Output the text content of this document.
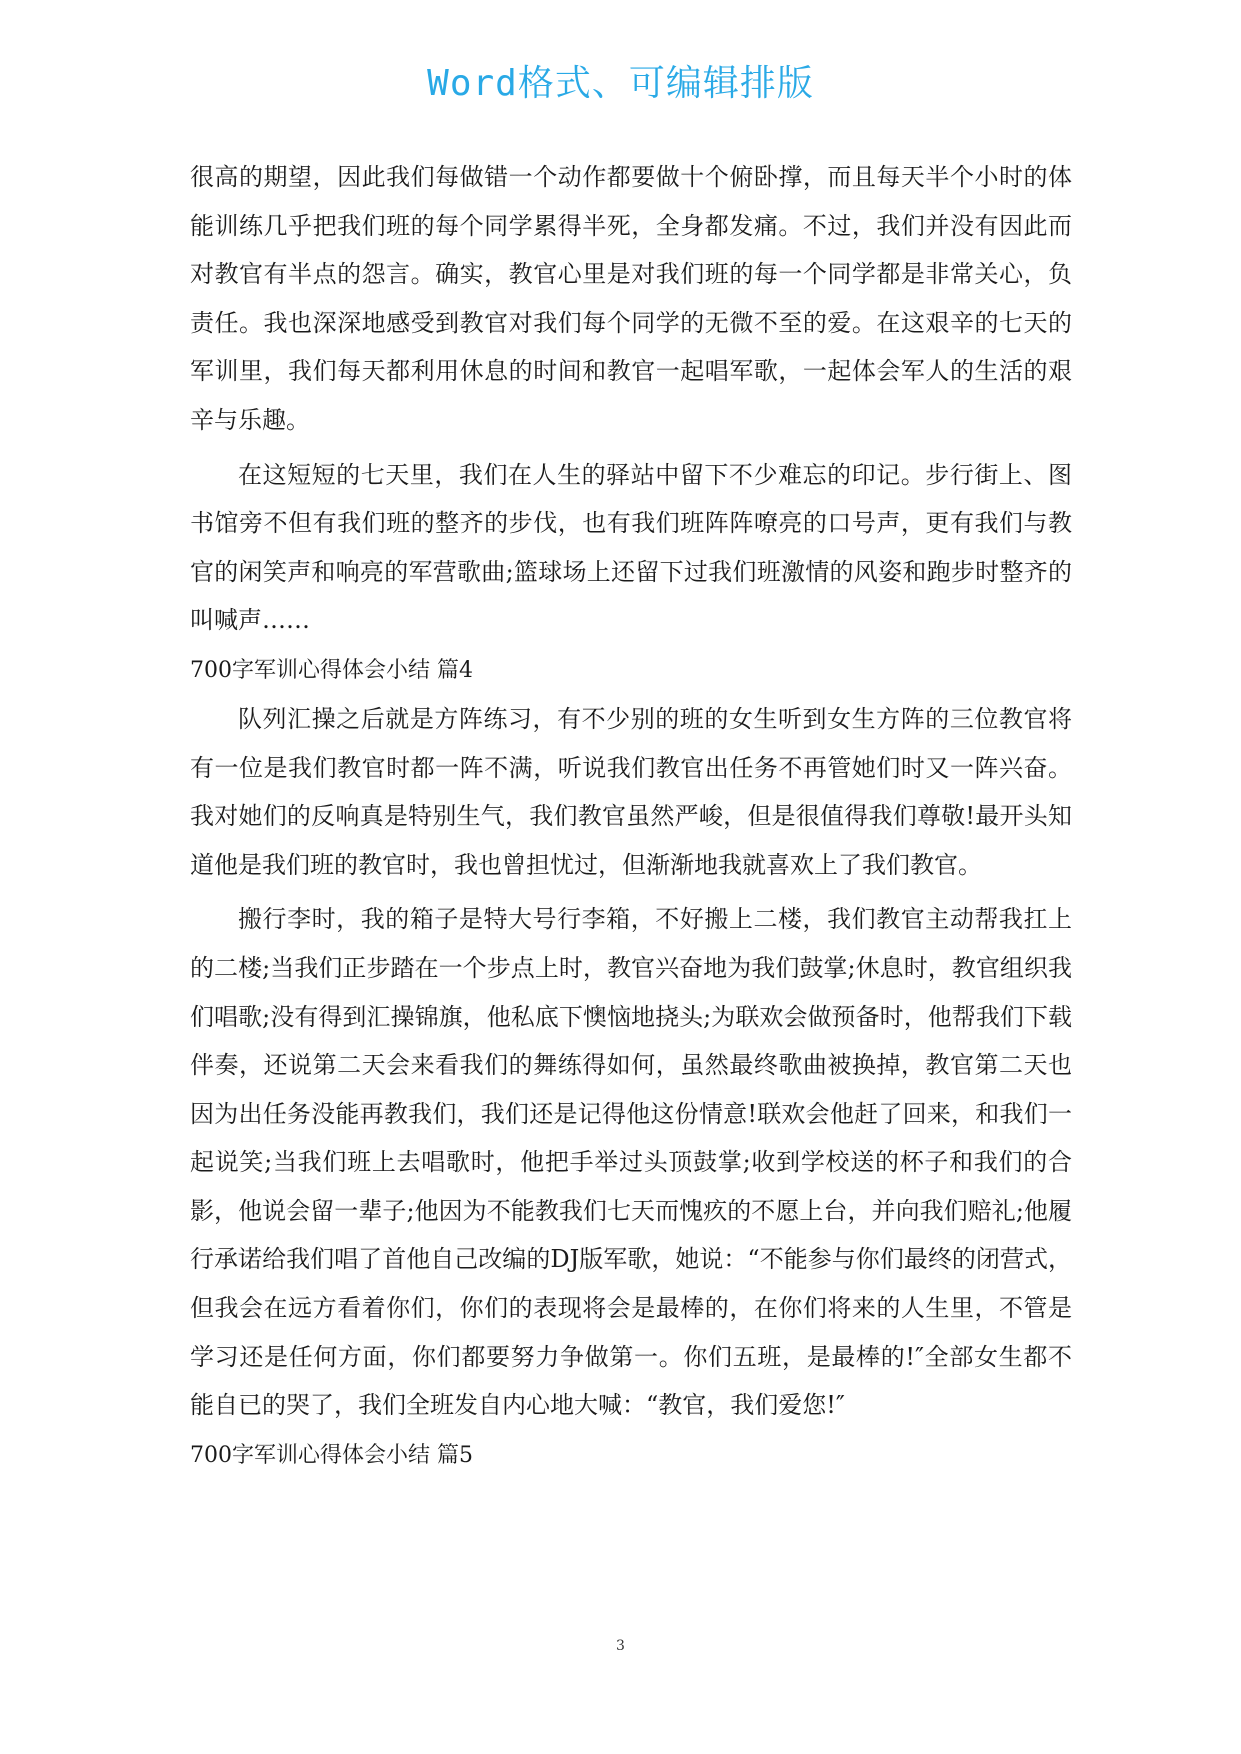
Word格式、可编辑排版

很高的期望，因此我们每做错一个动作都要做十个俯卧撑，而且每天半个小时的体能训练几乎把我们班的每个同学累得半死，全身都发痛。不过，我们并没有因此而对教官有半点的怨言。确实，教官心里是对我们班的每一个同学都是非常关心，负责任。我也深深地感受到教官对我们每个同学的无微不至的爱。在这艰辛的七天的军训里，我们每天都利用休息的时间和教官一起唱军歌，一起体会军人的生活的艰辛与乐趣。

在这短短的七天里，我们在人生的驿站中留下不少难忘的印记。步行街上、图书馆旁不但有我们班的整齐的步伐，也有我们班阵阵嘹亮的口号声，更有我们与教官的闲笑声和响亮的军营歌曲;篮球场上还留下过我们班激情的风姿和跑步时整齐的叫喊声……

700字军训心得体会小结 篇4

队列汇操之后就是方阵练习，有不少别的班的女生听到女生方阵的三位教官将有一位是我们教官时都一阵不满，听说我们教官出任务不再管她们时又一阵兴奋。我对她们的反响真是特别生气，我们教官虽然严峻，但是很值得我们尊敬!最开头知道他是我们班的教官时，我也曾担忧过，但渐渐地我就喜欢上了我们教官。

搬行李时，我的箱子是特大号行李箱，不好搬上二楼，我们教官主动帮我扛上的二楼;当我们正步踏在一个步点上时，教官兴奋地为我们鼓掌;休息时，教官组织我们唱歌;没有得到汇操锦旗，他私底下懊恼地挠头;为联欢会做预备时，他帮我们下载伴奏，还说第二天会来看我们的舞练得如何，虽然最终歌曲被换掉，教官第二天也因为出任务没能再教我们，我们还是记得他这份情意!联欢会他赶了回来，和我们一起说笑;当我们班上去唱歌时，他把手举过头顶鼓掌;收到学校送的杯子和我们的合影，他说会留一辈子;他因为不能教我们七天而愧疚的不愿上台，并向我们赔礼;他履行承诺给我们唱了首他自己改编的DJ版军歌，她说：“不能参与你们最终的闭营式，但我会在远方看着你们，你们的表现将会是最棒的，在你们将来的人生里，不管是学习还是任何方面，你们都要努力争做第一。你们五班，是最棒的!″全部女生都不能自已的哭了，我们全班发自内心地大喊：“教官，我们爱您!″

700字军训心得体会小结 篇5

3
